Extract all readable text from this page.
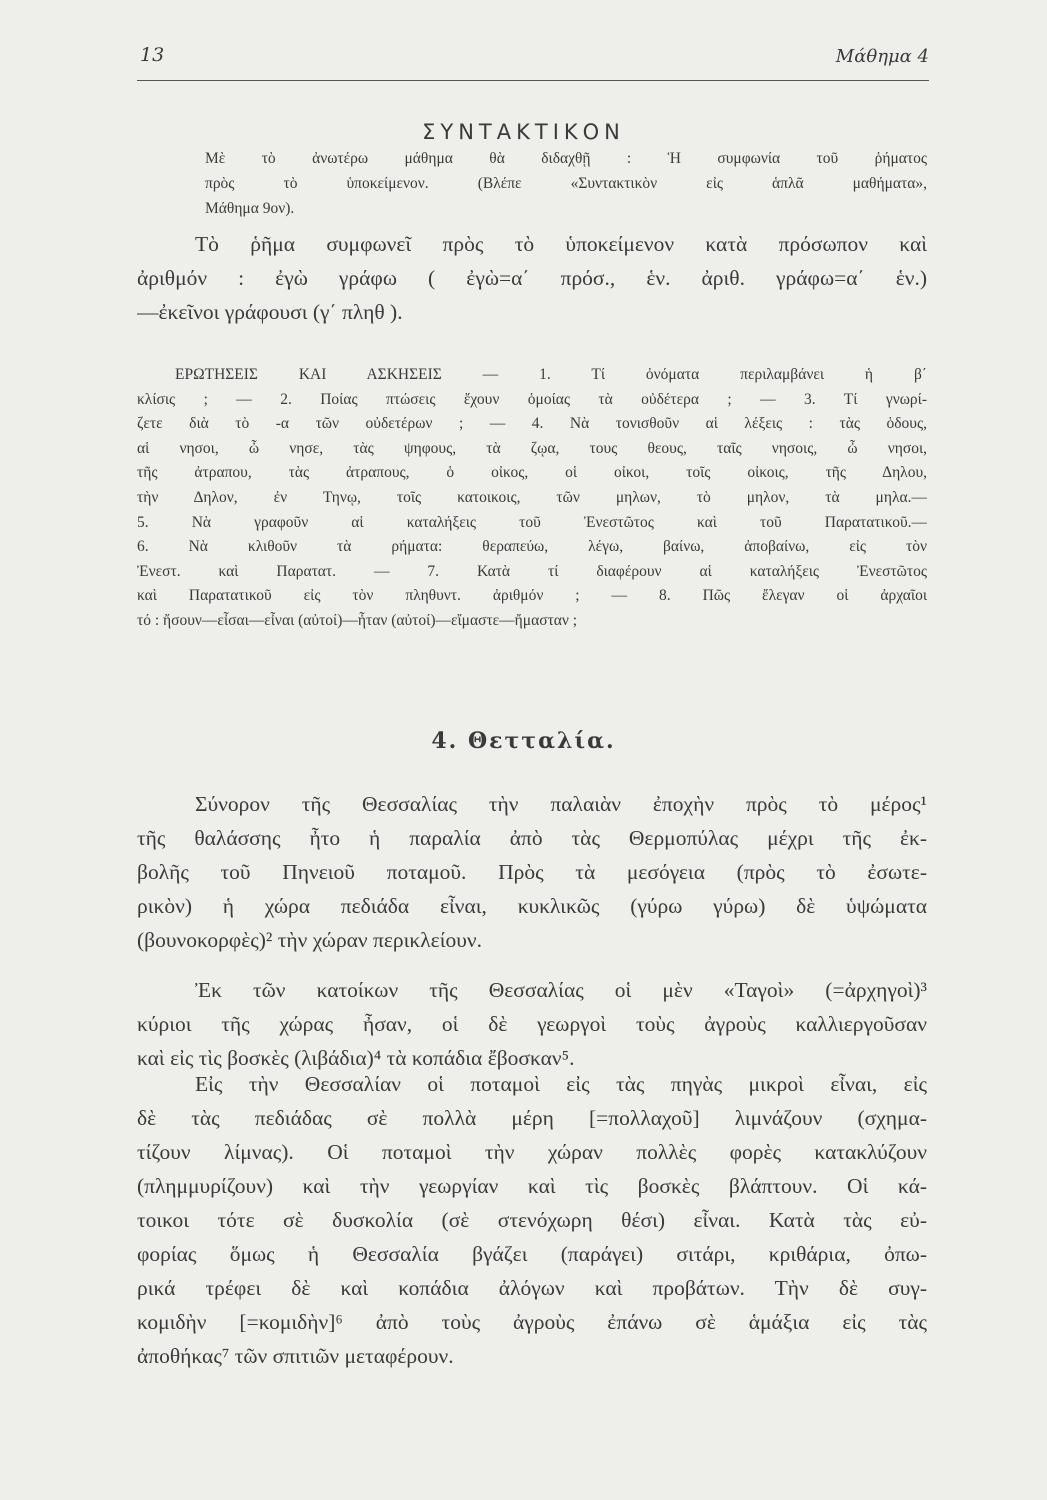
13	Μάθημα 4
ΣΥΝΤΑΚΤΙΚΟΝ
4. Θετταλία.
Μὲ τὸ ἀνωτέρω μάθημα θὰ διδαχθῇ : Ἡ συμφωνία τοῦ ῥήματος
πρὸς τὸ ὑποκείμενον. (Βλέπε «Συντακτικὸν εἰς ἁπλᾶ μαθήματα»,
Μάθημα 9ον).
Τὸ ῥῆμα συμφωνεῖ πρὸς τὸ ὑποκείμενον κατὰ πρόσωπον καὶ
ἀριθμόν : ἐγὼ γράφω ( ἐγὼ=α΄ πρόσ., ἑν. ἀριθ. γράφω=α΄ ἑν.)
—ἐκεῖνοι γράφουσι (γ΄ πληθ ).
ΕΡΩΤΗΣΕΙΣ ΚΑΙ ΑΣΚΗΣΕΙΣ — 1. Τί ὀνόματα περιλαμβάνει ἡ β΄
κλίσις ; — 2. Ποίας πτώσεις ἔχουν ὁμοίας τὰ οὐδέτερα ; — 3. Τί γνωρί-
ζετε διὰ τὸ -α τῶν οὐδετέρων ; — 4. Νὰ τονισθοῦν αἱ λέξεις : τὰς ὁδους,
αἱ νησοι, ὦ νησε, τὰς ψηφους, τὰ ζῳα, τους θεους, ταῖς νησοις, ὦ νησοι,
τῆς ἀτραπου, τὰς ἀτραπους, ὁ οἰκος, οἱ οἰκοι, τοῖς οἰκοις, τῆς Δηλου,
τὴν Δηλον, ἐν Τηνῳ, τοῖς κατοικοις, τῶν μηλων, τὸ μηλον, τὰ μηλα.—
5. Νὰ γραφοῦν αἱ καταλήξεις τοῦ Ἐνεστῶτος καὶ τοῦ Παρατατικοῦ.—
6. Νὰ κλιθοῦν τὰ ρήματα: θεραπεύω, λέγω, βαίνω, ἀποβαίνω, εἰς τὸν
Ἐνεστ. καὶ Παρατατ. — 7. Κατὰ τί διαφέρουν αἱ καταλήξεις Ἐνεστῶτος
καὶ Παρατατικοῦ εἰς τὸν πληθυντ. ἀριθμόν ; — 8. Πῶς ἔλεγαν οἱ ἀρχαῖοι
τό : ἤσουν—εἶσαι—εἶναι (αὐτοί)—ἦταν (αὐτοί)—εἴμαστε—ἤμασταν ;
Σύνορον τῆς Θεσσαλίας τὴν παλαιὰν ἐποχὴν πρὸς τὸ μέρος¹
τῆς θαλάσσης ἦτο ἡ παραλία ἀπὸ τὰς Θερμοπύλας μέχρι τῆς ἐκ-
βολῆς τοῦ Πηνειοῦ ποταμοῦ. Πρὸς τὰ μεσόγεια (πρὸς τὸ ἐσωτε-
ρικὸν) ἡ χώρα πεδιάδα εἶναι, κυκλικῶς (γύρω γύρω) δὲ ὑψώματα
(βουνοκορφὲς)² τὴν χώραν περικλείουν.
Ἐκ τῶν κατοίκων τῆς Θεσσαλίας οἱ μὲν «Ταγοὶ» (=ἀρχηγοὶ)³
κύριοι τῆς χώρας ἦσαν, οἱ δὲ γεωργοὶ τοὺς ἀγροὺς καλλιεργοῦσαν
καὶ εἰς τὶς βοσκὲς (λιβάδια)⁴ τὰ κοπάδια ἔβοσκαν⁵.
Εἰς τὴν Θεσσαλίαν οἱ ποταμοὶ εἰς τὰς πηγὰς μικροὶ εἶναι, εἰς
δὲ τὰς πεδιάδας σὲ πολλὰ μέρη [=πολλαχοῦ] λιμνάζουν (σχημα-
τίζουν λίμνας). Οἱ ποταμοὶ τὴν χώραν πολλὲς φορὲς κατακλύζουν
(πλημμυρίζουν) καὶ τὴν γεωργίαν καὶ τὶς βοσκὲς βλάπτουν. Οἱ κά-
τοικοι τότε σὲ δυσκολία (σὲ στενόχωρη θέσι) εἶναι. Κατὰ τὰς εὐ-
φορίας ὅμως ἡ Θεσσαλία βγάζει (παράγει) σιτάρι, κριθάρια, ὀπω-
ρικά τρέφει δὲ καὶ κοπάδια ἀλόγων καὶ προβάτων. Τὴν δὲ συγ-
κομιδὴν [=κομιδὴν]⁶ ἀπὸ τοὺς ἀγροὺς ἐπάνω σὲ ἁμάξια εἰς τὰς
ἀποθήκας⁷ τῶν σπιτιῶν μεταφέρουν.
